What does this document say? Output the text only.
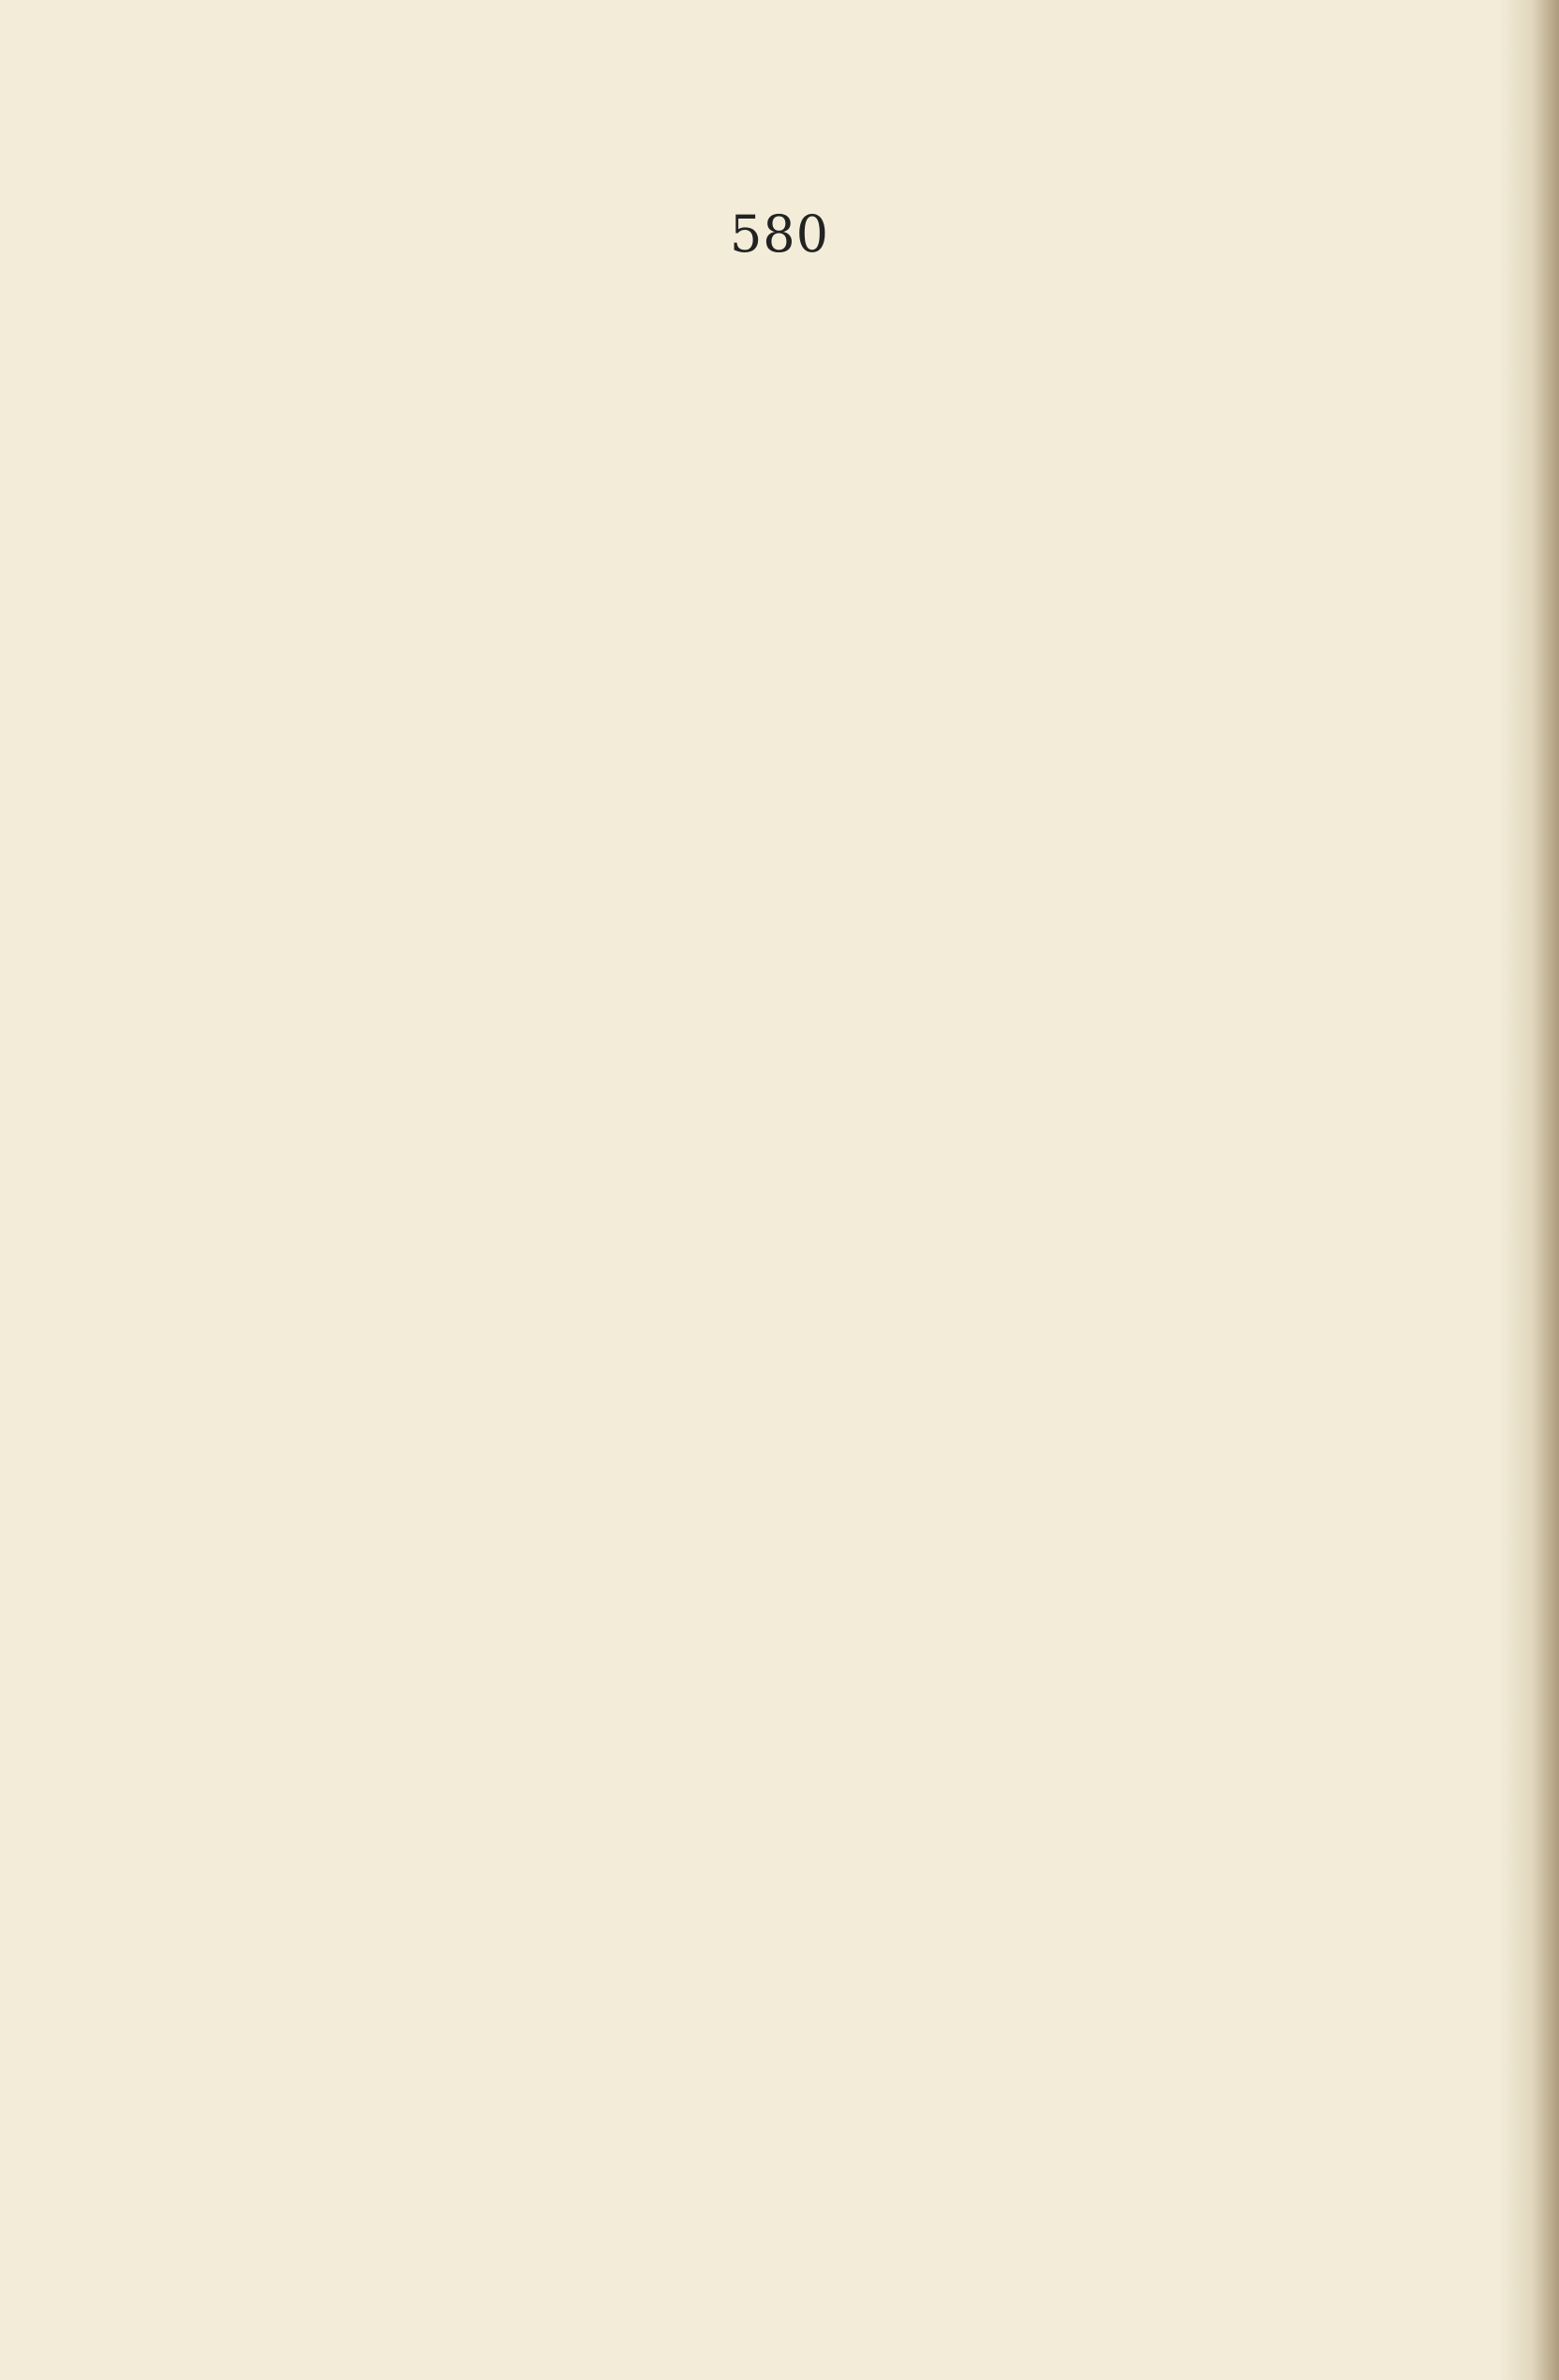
580
